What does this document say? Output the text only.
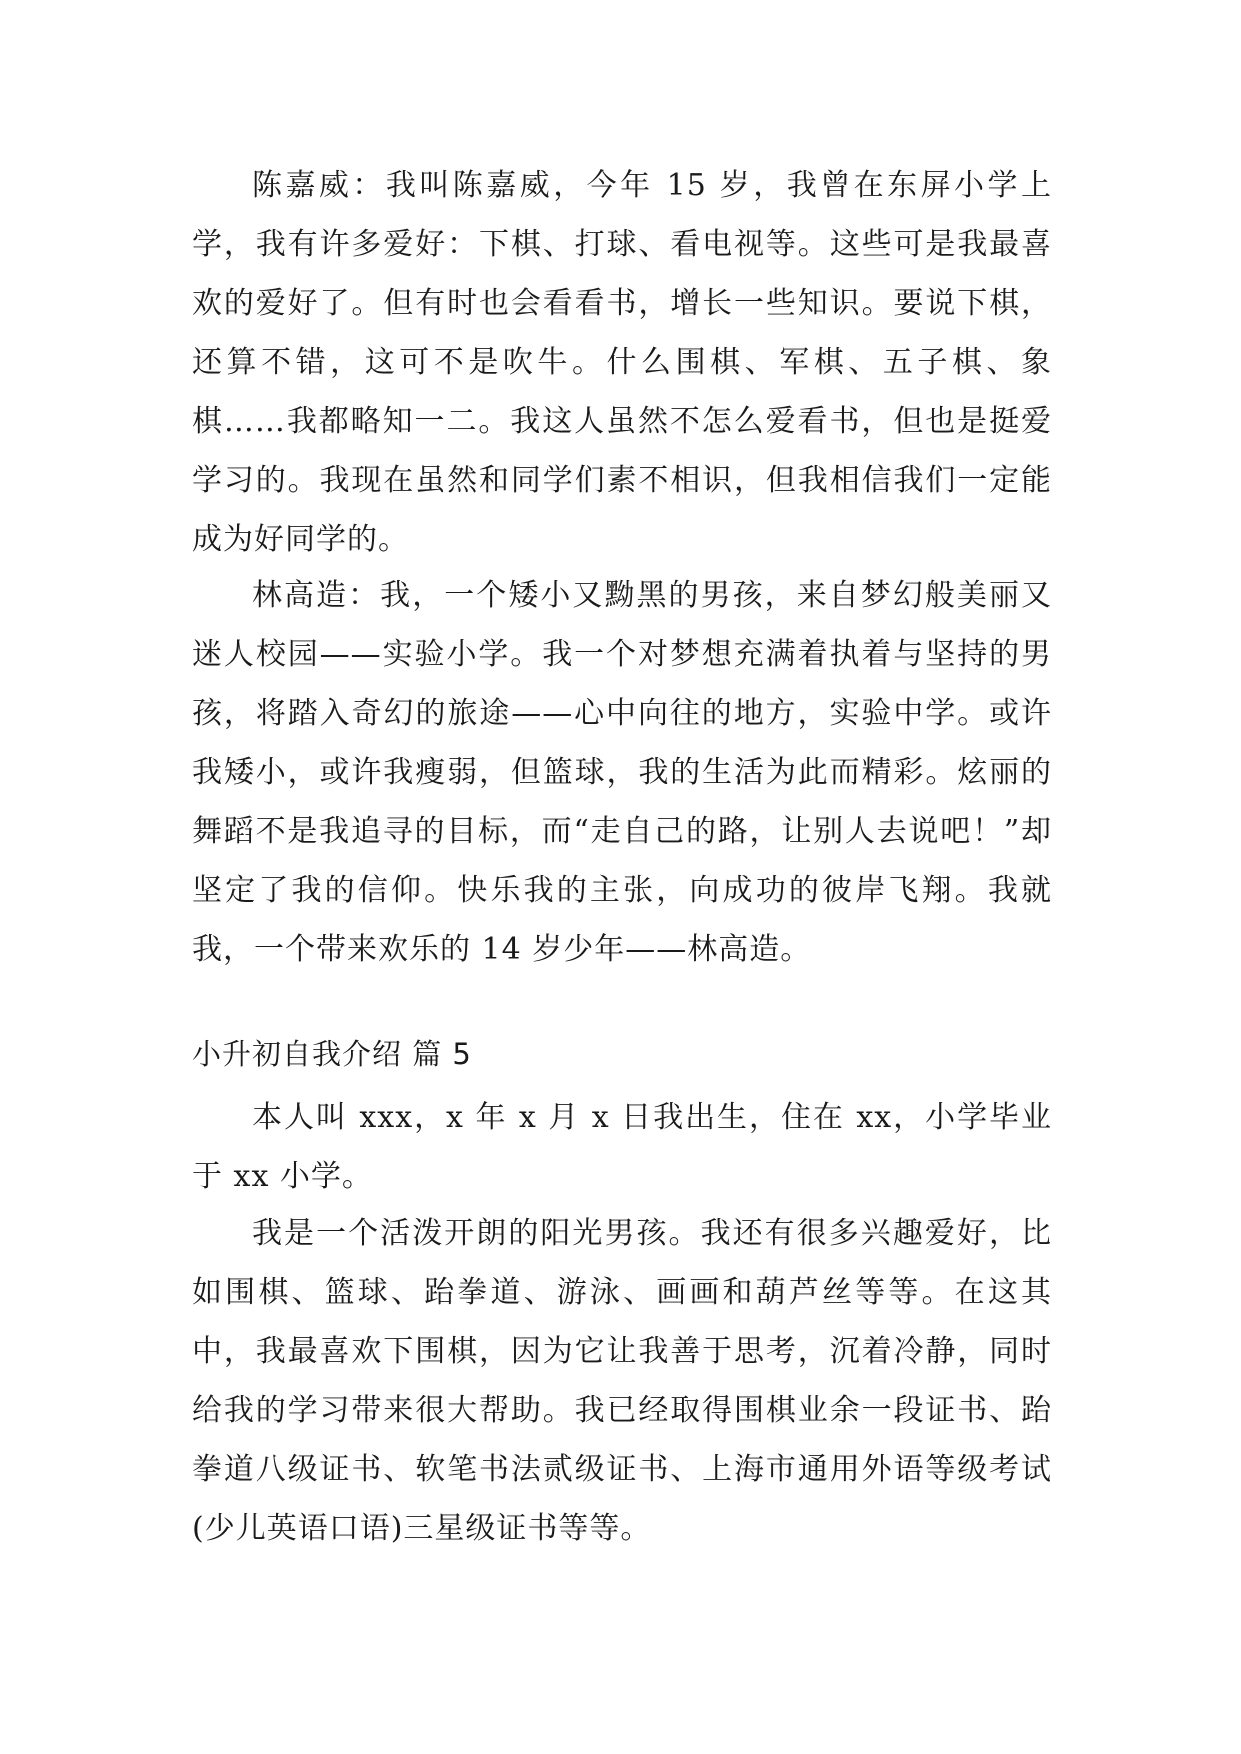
陈嘉威：我叫陈嘉威，今年 15 岁，我曾在东屏小学上学，我有许多爱好：下棋、打球、看电视等。这些可是我最喜欢的爱好了。但有时也会看看书，增长一些知识。要说下棋，还算不错，这可不是吹牛。什么围棋、军棋、五子棋、象棋……我都略知一二。我这人虽然不怎么爱看书，但也是挺爱学习的。我现在虽然和同学们素不相识，但我相信我们一定能成为好同学的。

林高造：我，一个矮小又黝黑的男孩，来自梦幻般美丽又迷人校园——实验小学。我一个对梦想充满着执着与坚持的男孩，将踏入奇幻的旅途——心中向往的地方，实验中学。或许我矮小，或许我瘦弱，但篮球，我的生活为此而精彩。炫丽的舞蹈不是我追寻的目标，而“走自己的路，让别人去说吧！”却坚定了我的信仰。快乐我的主张，向成功的彼岸飞翔。我就我，一个带来欢乐的 14 岁少年——林高造。

小升初自我介绍 篇 5

本人叫 xxx，x 年 x 月 x 日我出生，住在 xx，小学毕业于 xx 小学。

我是一个活泼开朗的阳光男孩。我还有很多兴趣爱好，比如围棋、篮球、跆拳道、游泳、画画和葫芦丝等等。在这其中，我最喜欢下围棋，因为它让我善于思考，沉着冷静，同时给我的学习带来很大帮助。我已经取得围棋业余一段证书、跆拳道八级证书、软笔书法贰级证书、上海市通用外语等级考试(少儿英语口语)三星级证书等等。
